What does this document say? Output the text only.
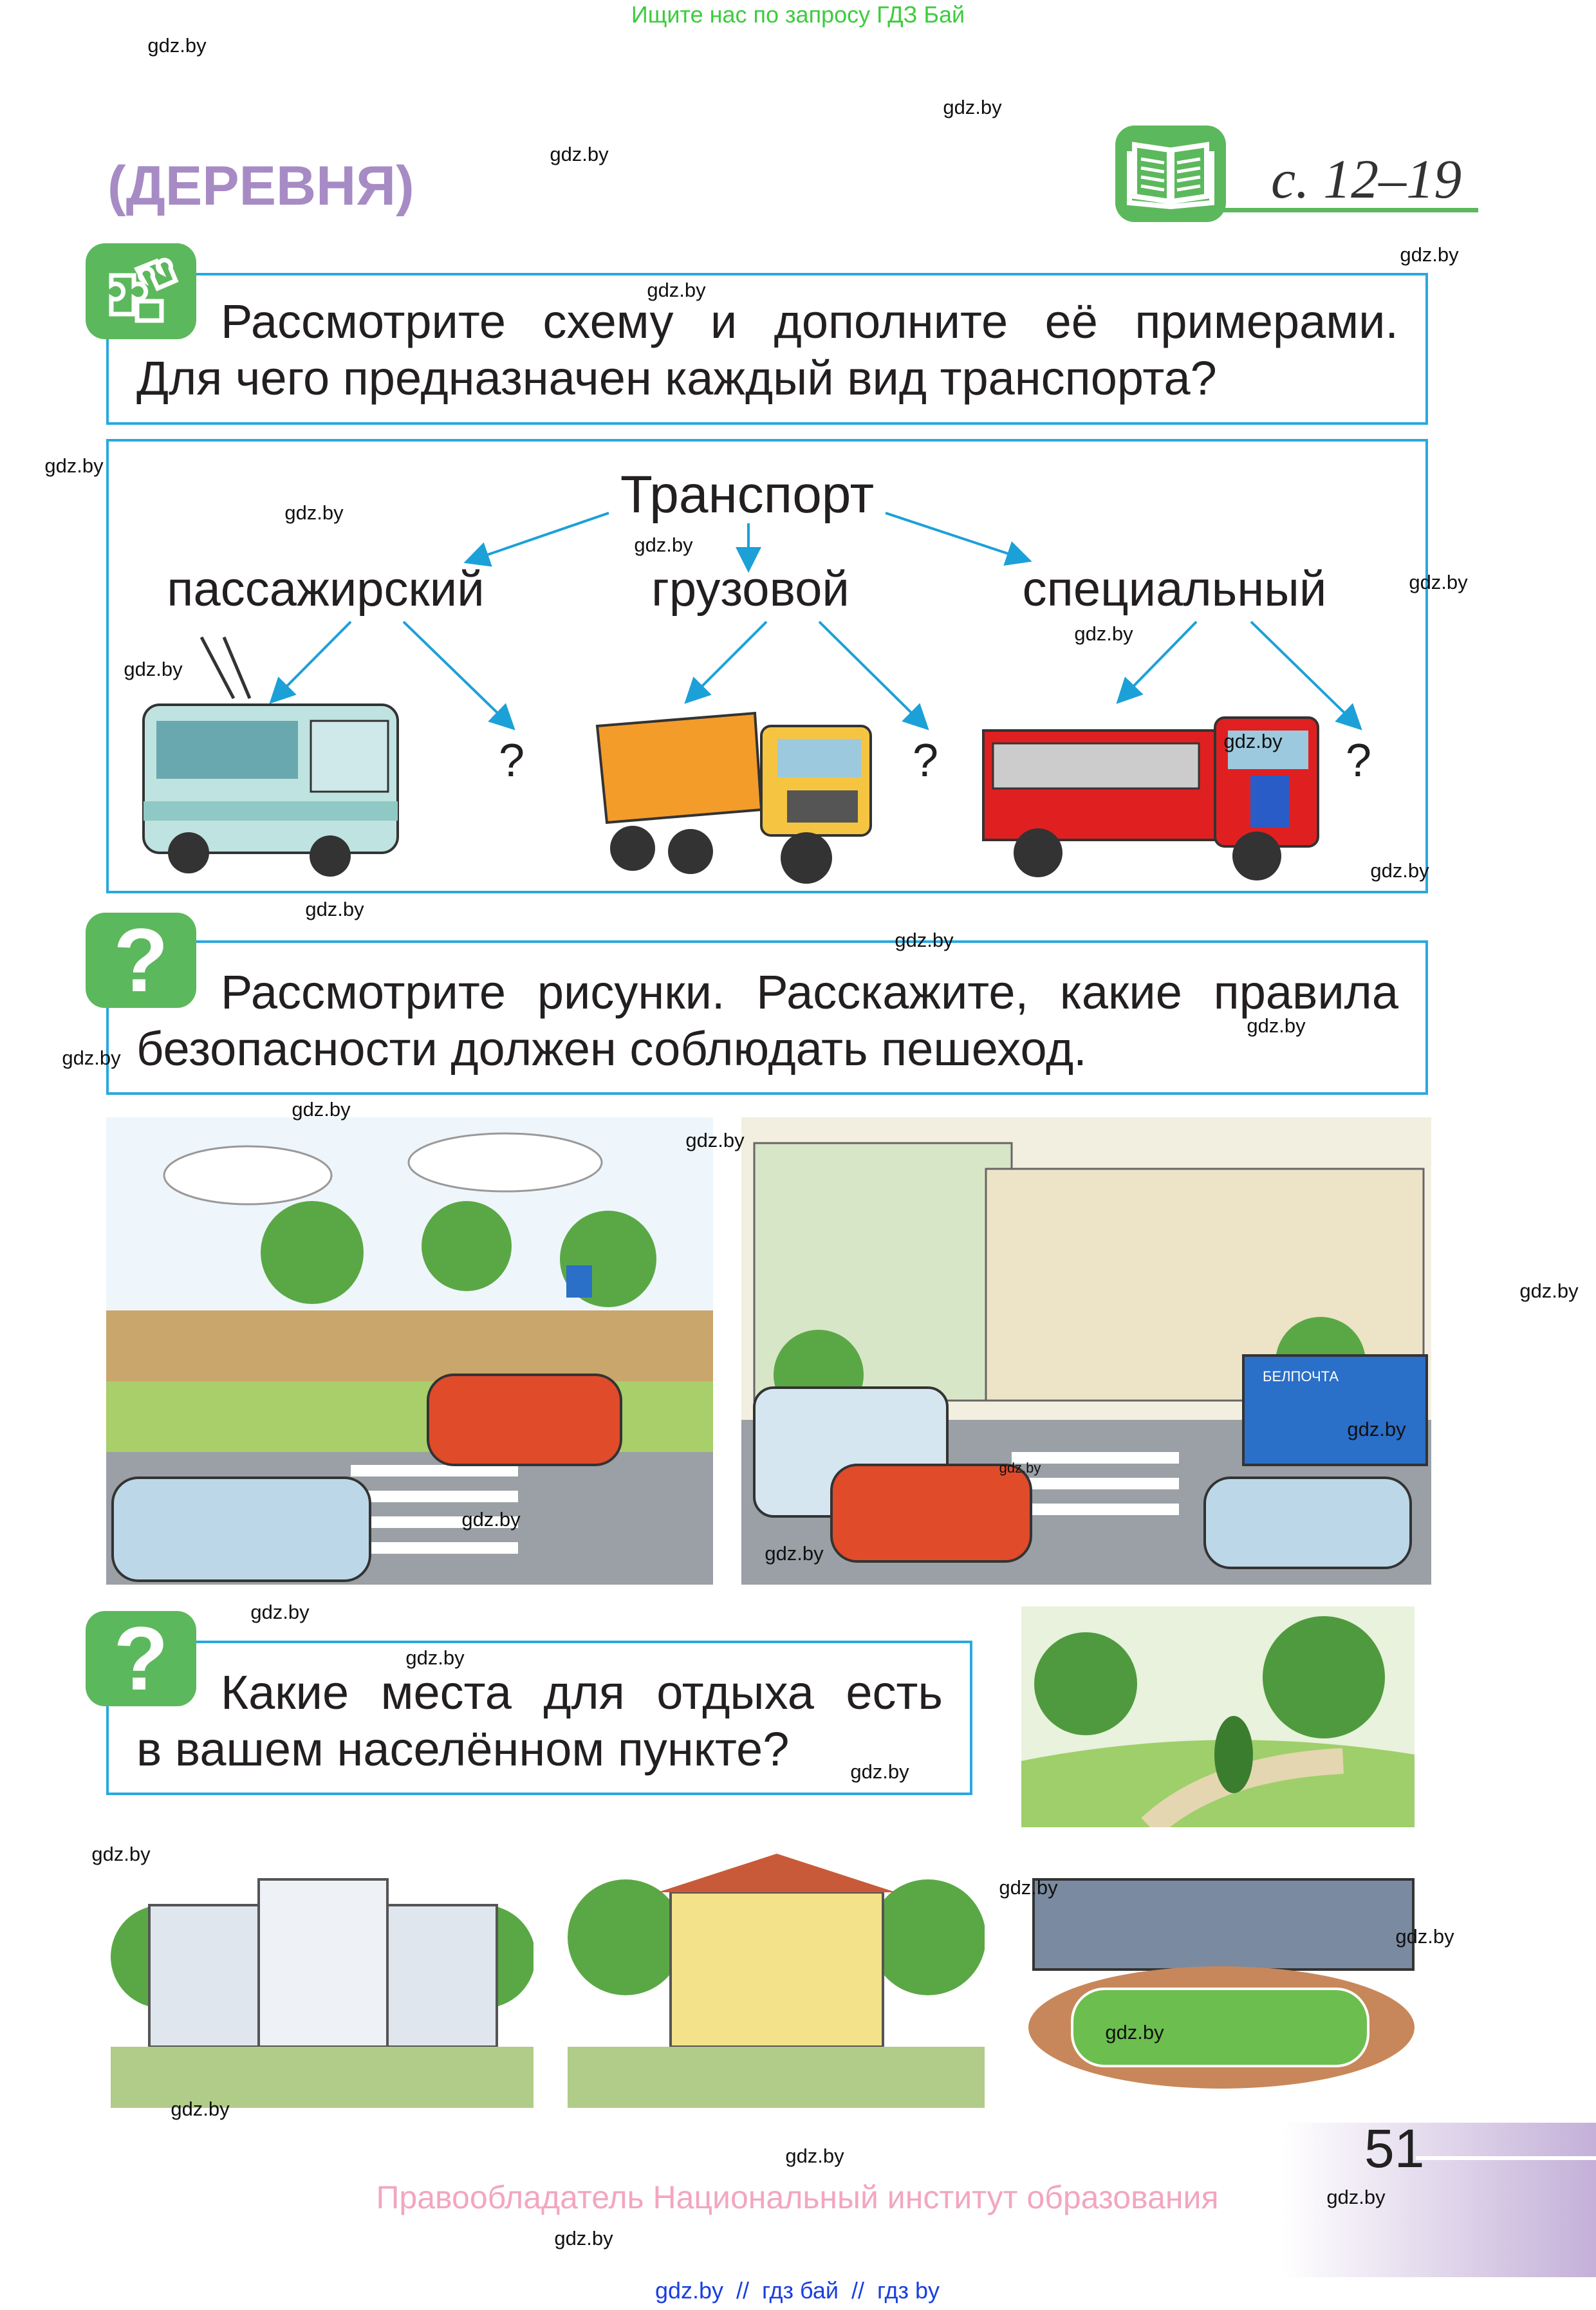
Ищите нас по запросу ГДЗ Бай
(ДЕРЕВНЯ)	с. 12–19
Рассмотрите схему и дополните её примерами.
Для чего предназначен каждый вид транспорта?
Транспорт
пассажирский	грузовой	специальный
?	?	?
?	Рассмотрите рисунки. Расскажите, какие правила
безопасности должен соблюдать пешеход.
БЕЛПОЧТА
?	Какие места для отдыха есть
в вашем населённом пункте?
51
Правообладатель Национальный институт образования
gdz.by  //  гдз бай  //  гдз by
gdz.by
gdz.by
gdz.by
gdz.by
gdz.by
gdz.by
gdz.by
gdz.by
gdz.by
gdz.by
gdz.by
gdz.by
gdz.by
gdz.by
gdz.by
gdz.by
gdz.by
gdz.by
gdz.by
gdz.by
gdz.by
gdz.by
gdz.by
gdz.by
gdz.by
gdz.by
gdz.by
gdz.by
gdz.by
gdz.by
gdz.by
gdz.by
gdz.by
gdz.by
gdz.by
